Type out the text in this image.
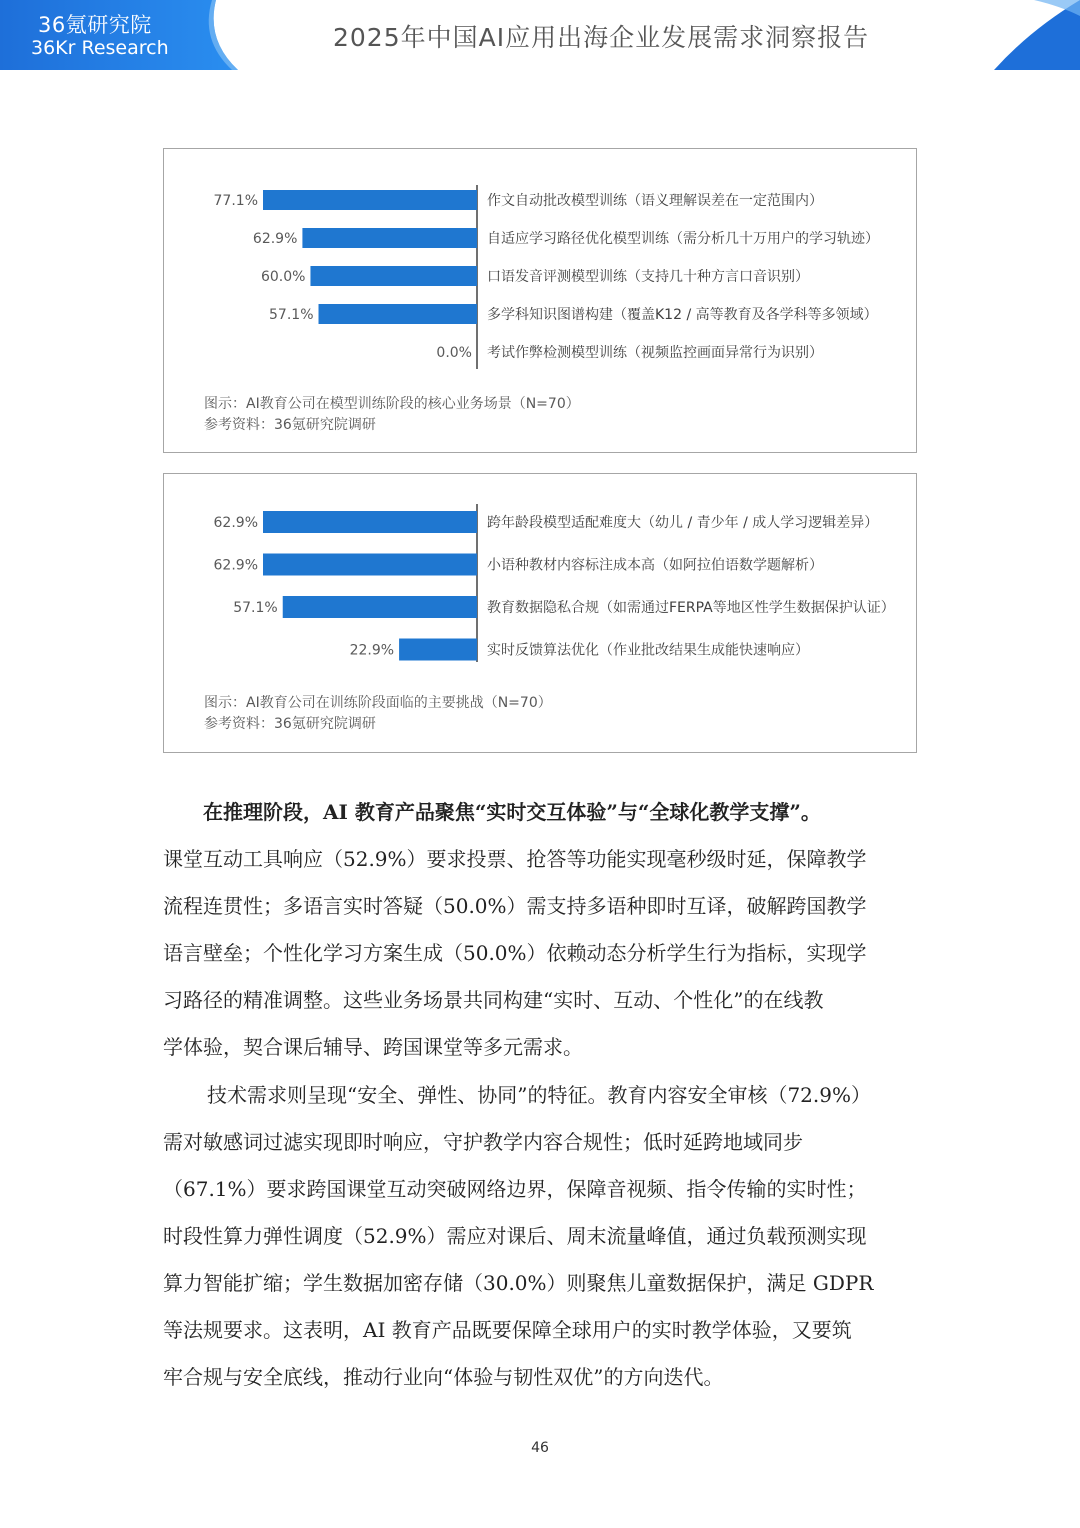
36氪研究院
36Kr Research	2025年中国AI应用出海企业发展需求洞察报告
77.1%	作文自动批改模型训练（语义理解误差在一定范围内）
62.9%	自适应学习路径优化模型训练（需分析几十万用户的学习轨迹）
60.0%	口语发音评测模型训练（支持几十种方言口音识别）
57.1%	多学科知识图谱构建（覆盖K12 / 高等教育及各学科等多领域）
0.0% 考试作弊检测模型训练（视频监控画面异常行为识别）
图示：AI教育公司在模型训练阶段的核心业务场景（N=70）
参考资料：36氪研究院调研
62.9%	跨年龄段模型适配难度大（幼儿 / 青少年 / 成人学习逻辑差异）
62.9%	小语种教材内容标注成本高（如阿拉伯语数学题解析）
57.1%	教育数据隐私合规（如需通过FERPA等地区性学生数据保护认证）
22.9%	实时反馈算法优化（作业批改结果生成能快速响应）
图示：AI教育公司在训练阶段面临的主要挑战（N=70）
参考资料：36氪研究院调研
在推理阶段，AI 教育产品聚焦“实时交互体验”与“全球化教学支撑”。
课堂互动工具响应（52.9%）要求投票、抢答等功能实现毫秒级时延，保障教学
流程连贯性；多语言实时答疑（50.0%）需支持多语种即时互译，破解跨国教学
语言壁垒；个性化学习方案生成（50.0%）依赖动态分析学生行为指标，实现学
习路径的精准调整。这些业务场景共同构建“实时、互动、个性化”的在线教
学体验，契合课后辅导、跨国课堂等多元需求。
技术需求则呈现“安全、弹性、协同”的特征。教育内容安全审核（72.9%）
需对敏感词过滤实现即时响应，守护教学内容合规性；低时延跨地域同步
（67.1%）要求跨国课堂互动突破网络边界，保障音视频、指令传输的实时性；
时段性算力弹性调度（52.9%）需应对课后、周末流量峰值，通过负载预测实现
算力智能扩缩；学生数据加密存储（30.0%）则聚焦儿童数据保护，满足 GDPR
等法规要求。这表明，AI 教育产品既要保障全球用户的实时教学体验，又要筑
牢合规与安全底线，推动行业向“体验与韧性双优”的方向迭代。
46
